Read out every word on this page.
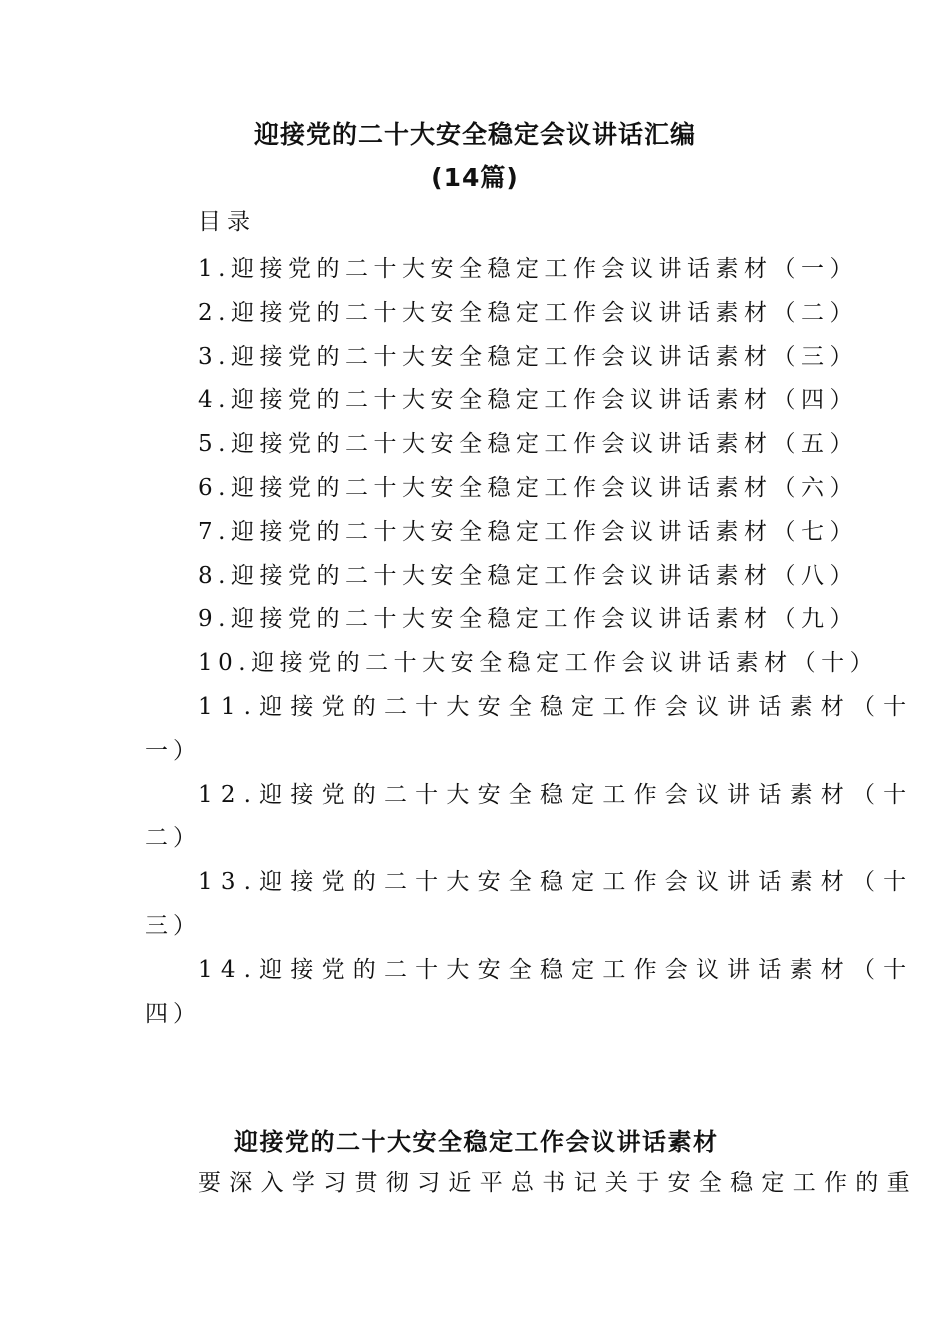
迎接党的二十大安全稳定会议讲话汇编
(14篇)
目录
1.迎接党的二十大安全稳定工作会议讲话素材（一）
2.迎接党的二十大安全稳定工作会议讲话素材（二）
3.迎接党的二十大安全稳定工作会议讲话素材（三）
4.迎接党的二十大安全稳定工作会议讲话素材（四）
5.迎接党的二十大安全稳定工作会议讲话素材（五）
6.迎接党的二十大安全稳定工作会议讲话素材（六）
7.迎接党的二十大安全稳定工作会议讲话素材（七）
8.迎接党的二十大安全稳定工作会议讲话素材（八）
9.迎接党的二十大安全稳定工作会议讲话素材（九）
10.迎接党的二十大安全稳定工作会议讲话素材（十）
11.迎接党的二十大安全稳定工作会议讲话素材（十
一）
12.迎接党的二十大安全稳定工作会议讲话素材（十
二）
13.迎接党的二十大安全稳定工作会议讲话素材（十
三）
14.迎接党的二十大安全稳定工作会议讲话素材（十
四）
迎接党的二十大安全稳定工作会议讲话素材
要深入学习贯彻习近平总书记关于安全稳定工作的重
